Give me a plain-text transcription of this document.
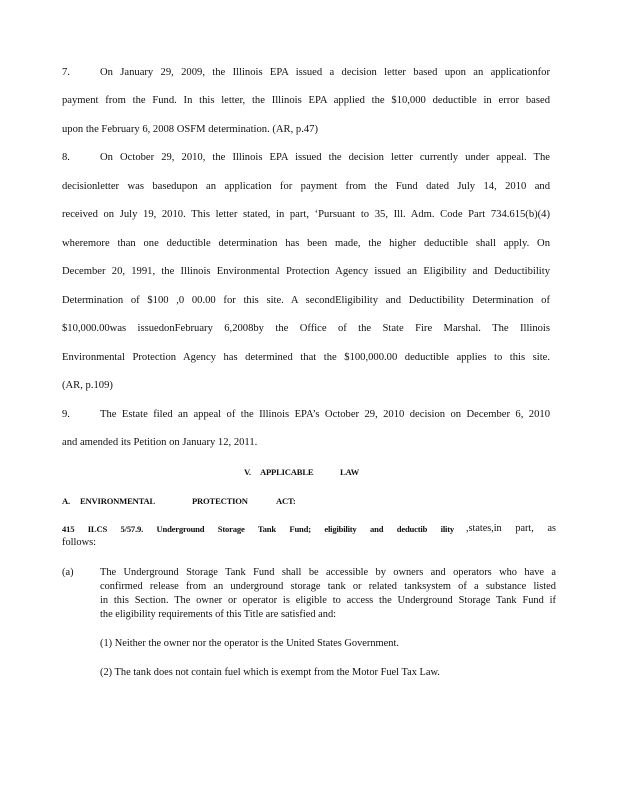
7.	On January 29, 2009, the Illinois EPA issued a decision letter based upon an applicationfor
payment from the Fund. In this letter, the Illinois EPA applied the $10,000 deductible in error based
upon the February 6, 2008 OSFM determination. (AR, p.47)
8.	On October 29, 2010, the Illinois EPA issued the decision letter currently under appeal. The
decisionletter was basedupon an application for payment from the Fund dated July 14, 2010 and
received on July 19, 2010. This letter stated, in part, ‘Pursuant to 35, Ill. Adm. Code Part 734.615(b)(4)
wheremore than one deductible determination has been made, the higher deductible shall apply. On
December 20, 1991, the Illinois Environmental Protection Agency issued an Eligibility and Deductibility
Determination of $100 ,0 00.00 for this site. A secondEligibility and Deductibility Determination of
$10,000.00was issuedonFebruary 6,2008by the Office of the State Fire Marshal. The Illinois
Environmental Protection Agency has determined that the $100,000.00 deductible applies to this site.
(AR, p.109)
9.	The Estate filed an appeal of the Illinois EPA’s October 29, 2010 decision on December 6, 2010
and amended its Petition on January 12, 2011.
V. APPLICABLE	LAW
A. ENVIRONMENTAL	PROTECTION	ACT:
415 ILCS 5/57.9. Underground Storage Tank Fund; eligibility and deductib ility ,states,in part, as
follows:
(a)	The Underground Storage Tank Fund shall be accessible by owners and operators who have a
confirmed release from an underground storage tank or related tanksystem of a substance listed
in this Section. The owner or operator is eligible to access the Underground Storage Tank Fund if
the eligibility requirements of this Title are satisfied and:
(1) Neither the owner nor the operator is the United States Government.
(2) The tank does not contain fuel which is exempt from the Motor Fuel Tax Law.
